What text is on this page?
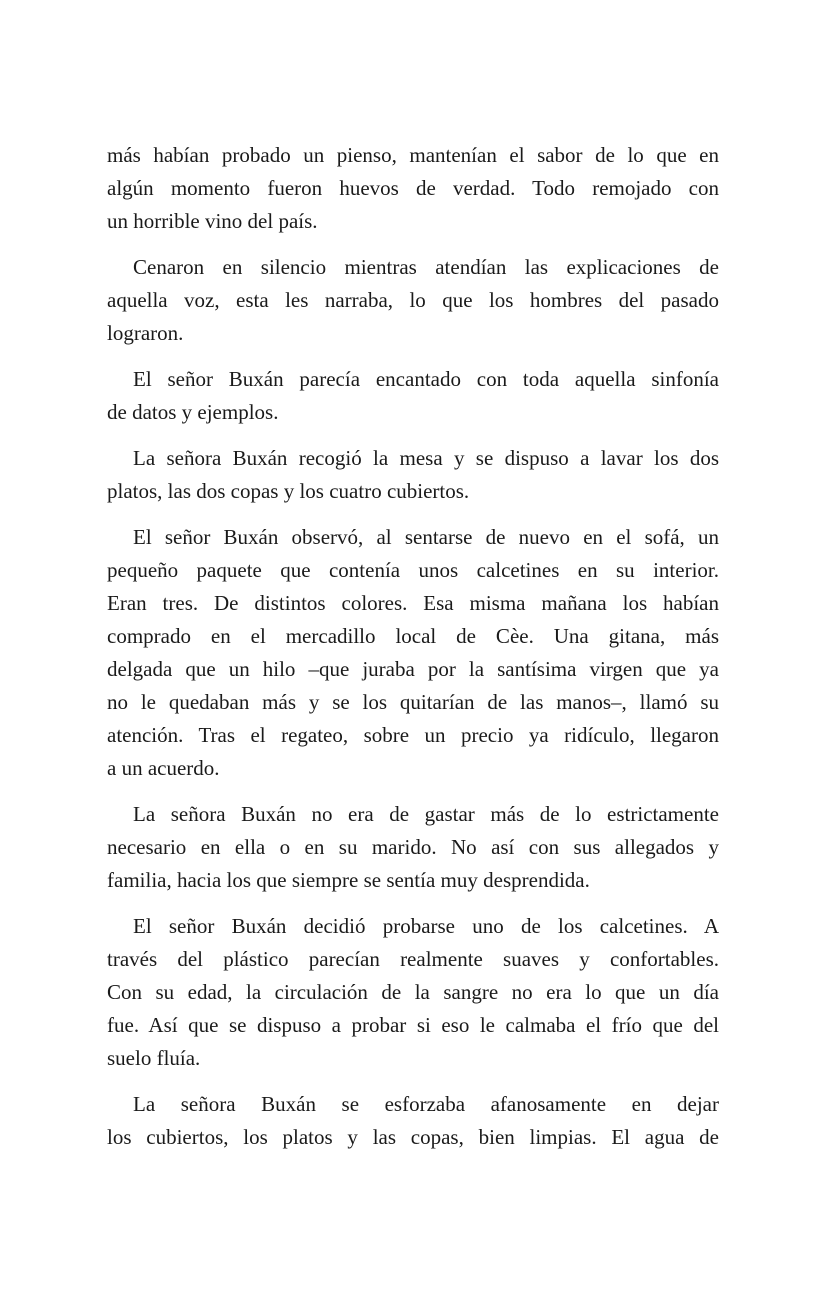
más habían probado un pienso, mantenían el sabor de lo que en
algún momento fueron huevos de verdad. Todo remojado con
un horrible vino del país.

Cenaron en silencio mientras atendían las explicaciones de
aquella voz, esta les narraba, lo que los hombres del pasado
lograron.

El señor Buxán parecía encantado con toda aquella sinfonía
de datos y ejemplos.

La señora Buxán recogió la mesa y se dispuso a lavar los dos
platos, las dos copas y los cuatro cubiertos.

El señor Buxán observó, al sentarse de nuevo en el sofá, un
pequeño paquete que contenía unos calcetines en su interior.
Eran tres. De distintos colores. Esa misma mañana los habían
comprado en el mercadillo local de Cèe. Una gitana, más
delgada que un hilo –que juraba por la santísima virgen que ya
no le quedaban más y se los quitarían de las manos–, llamó su
atención. Tras el regateo, sobre un precio ya ridículo, llegaron
a un acuerdo.

La señora Buxán no era de gastar más de lo estrictamente
necesario en ella o en su marido. No así con sus allegados y
familia, hacia los que siempre se sentía muy desprendida.

El señor Buxán decidió probarse uno de los calcetines. A
través del plástico parecían realmente suaves y confortables.
Con su edad, la circulación de la sangre no era lo que un día
fue. Así que se dispuso a probar si eso le calmaba el frío que del
suelo fluía.

La señora Buxán se esforzaba afanosamente en dejar
los cubiertos, los platos y las copas, bien limpias. El agua de
